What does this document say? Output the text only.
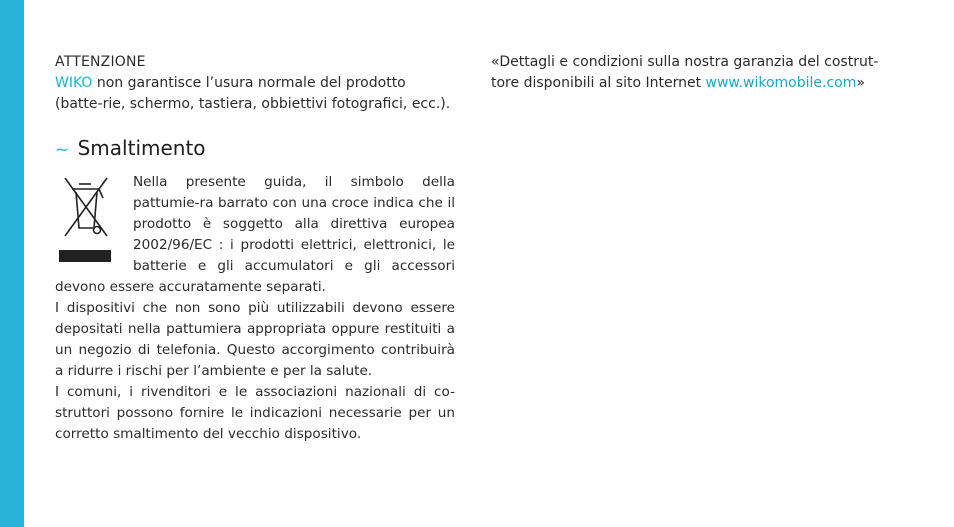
ATTENZIONE

WIKO non garantisce l’usura normale del prodotto (batte-rie, schermo, tastiera, obbiettivi fotografici, ecc.).

~ Smaltimento

Nella presente guida, il simbolo della pattumie-ra barrato con una croce indica che il prodotto è soggetto alla direttiva europea 2002/96/EC : i prodotti elettrici, elettronici, le batterie e gli accumulatori e gli accessori devono essere accuratamente separati.

I dispositivi che non sono più utilizzabili devono essere depositati nella pattumiera appropriata oppure restituiti a un negozio di telefonia. Questo accorgimento contribuirà a ridurre i rischi per l’ambiente e per la salute.

I comuni, i rivenditori e le associazioni nazionali di co-struttori possono fornire le indicazioni necessarie per un corretto smaltimento del vecchio dispositivo.

«Dettagli e condizioni sulla nostra garanzia del costrut-tore disponibili al sito Internet www.wikomobile.com»
